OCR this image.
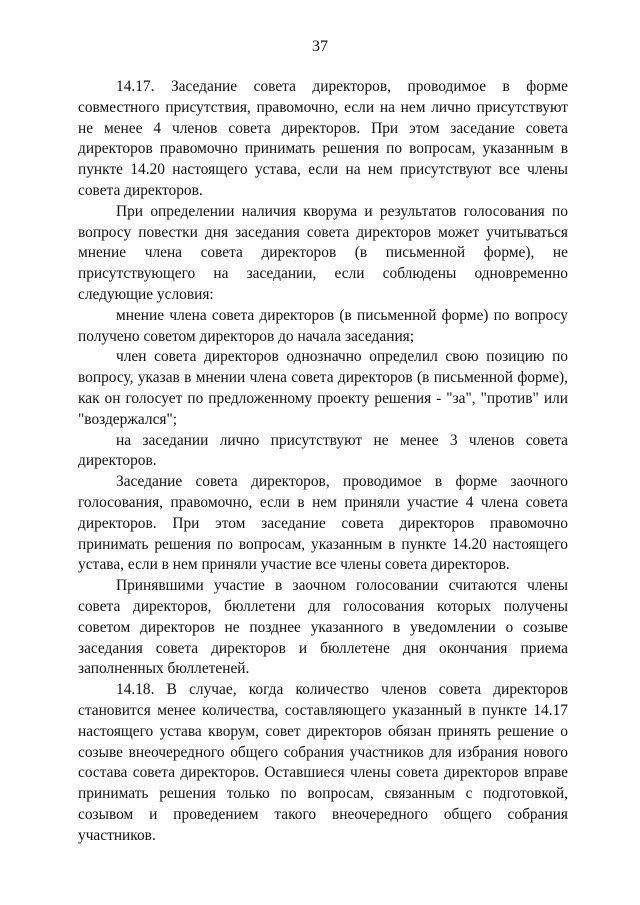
37

14.17. Заседание совета директоров, проводимое в форме совместного присутствия, правомочно, если на нем лично присутствуют не менее 4 членов совета директоров. При этом заседание совета директоров правомочно принимать решения по вопросам, указанным в пункте 14.20 настоящего устава, если на нем присутствуют все члены совета директоров.

При определении наличия кворума и результатов голосования по вопросу повестки дня заседания совета директоров может учитываться мнение члена совета директоров (в письменной форме), не присутствующего на заседании, если соблюдены одновременно следующие условия:

мнение члена совета директоров (в письменной форме) по вопросу получено советом директоров до начала заседания;

член совета директоров однозначно определил свою позицию по вопросу, указав в мнении члена совета директоров (в письменной форме), как он голосует по предложенному проекту решения - "за", "против" или "воздержался";

на заседании лично присутствуют не менее 3 членов совета директоров.

Заседание совета директоров, проводимое в форме заочного голосования, правомочно, если в нем приняли участие 4 члена совета директоров. При этом заседание совета директоров правомочно принимать решения по вопросам, указанным в пункте 14.20 настоящего устава, если в нем приняли участие все члены совета директоров.

Принявшими участие в заочном голосовании считаются члены совета директоров, бюллетени для голосования которых получены советом директоров не позднее указанного в уведомлении о созыве заседания совета директоров и бюллетене дня окончания приема заполненных бюллетеней.

14.18. В случае, когда количество членов совета директоров становится менее количества, составляющего указанный в пункте 14.17 настоящего устава кворум, совет директоров обязан принять решение о созыве внеочередного общего собрания участников для избрания нового состава совета директоров. Оставшиеся члены совета директоров вправе принимать решения только по вопросам, связанным с подготовкой, созывом и проведением такого внеочередного общего собрания участников.
